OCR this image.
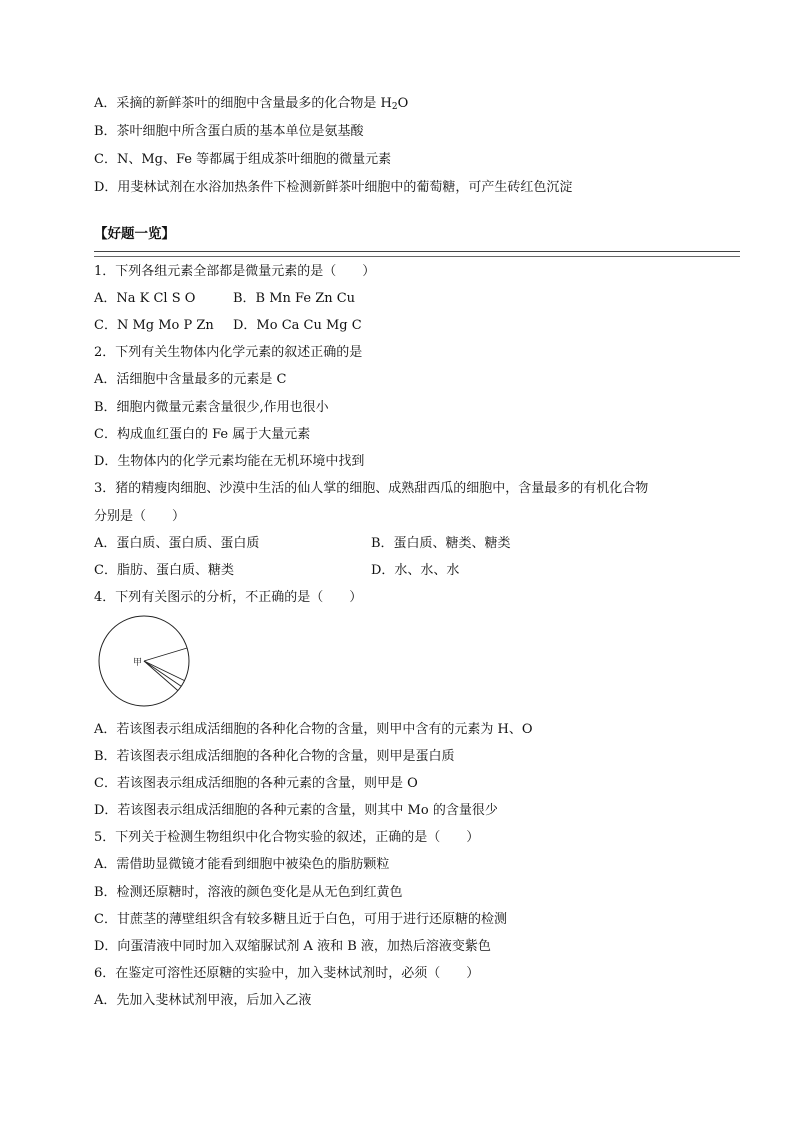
A．采摘的新鲜茶叶的细胞中含量最多的化合物是 $H_2O$
B．茶叶细胞中所含蛋白质的基本单位是氨基酸
C．N、Mg、Fe 等都属于组成茶叶细胞的微量元素
D．用斐林试剂在水浴加热条件下检测新鲜茶叶细胞中的葡萄糖，可产生砖红色沉淀
【好题一览】
1．下列各组元素全部都是微量元素的是（　　）
A．Na K Cl S O	B．B Mn Fe Zn Cu
C．N Mg Mo P Zn D．Mo Ca Cu Mg C
2．下列有关生物体内化学元素的叙述正确的是
A．活细胞中含量最多的元素是 C
B．细胞内微量元素含量很少,作用也很小
C．构成血红蛋白的 Fe 属于大量元素
D．生物体内的化学元素均能在无机环境中找到
3．猪的精瘦肉细胞、沙漠中生活的仙人掌的细胞、成熟甜西瓜的细胞中，含量最多的有机化合物
分别是（　　）
A．蛋白质、蛋白质、蛋白质	B．蛋白质、糖类、糖类
C．脂肪、蛋白质、糖类	D．水、水、水
4．下列有关图示的分析，不正确的是（　　）
甲
A．若该图表示组成活细胞的各种化合物的含量，则甲中含有的元素为 H、O
B．若该图表示组成活细胞的各种化合物的含量，则甲是蛋白质
C．若该图表示组成活细胞的各种元素的含量，则甲是 O
D．若该图表示组成活细胞的各种元素的含量，则其中 Mo 的含量很少
5．下列关于检测生物组织中化合物实验的叙述，正确的是（　　）
A．需借助显微镜才能看到细胞中被染色的脂肪颗粒
B．检测还原糖时，溶液的颜色变化是从无色到红黄色
C．甘蔗茎的薄壁组织含有较多糖且近于白色，可用于进行还原糖的检测
D．向蛋清液中同时加入双缩脲试剂 A 液和 B 液，加热后溶液变紫色
6．在鉴定可溶性还原糖的实验中，加入斐林试剂时，必须（　　）
A．先加入斐林试剂甲液，后加入乙液
